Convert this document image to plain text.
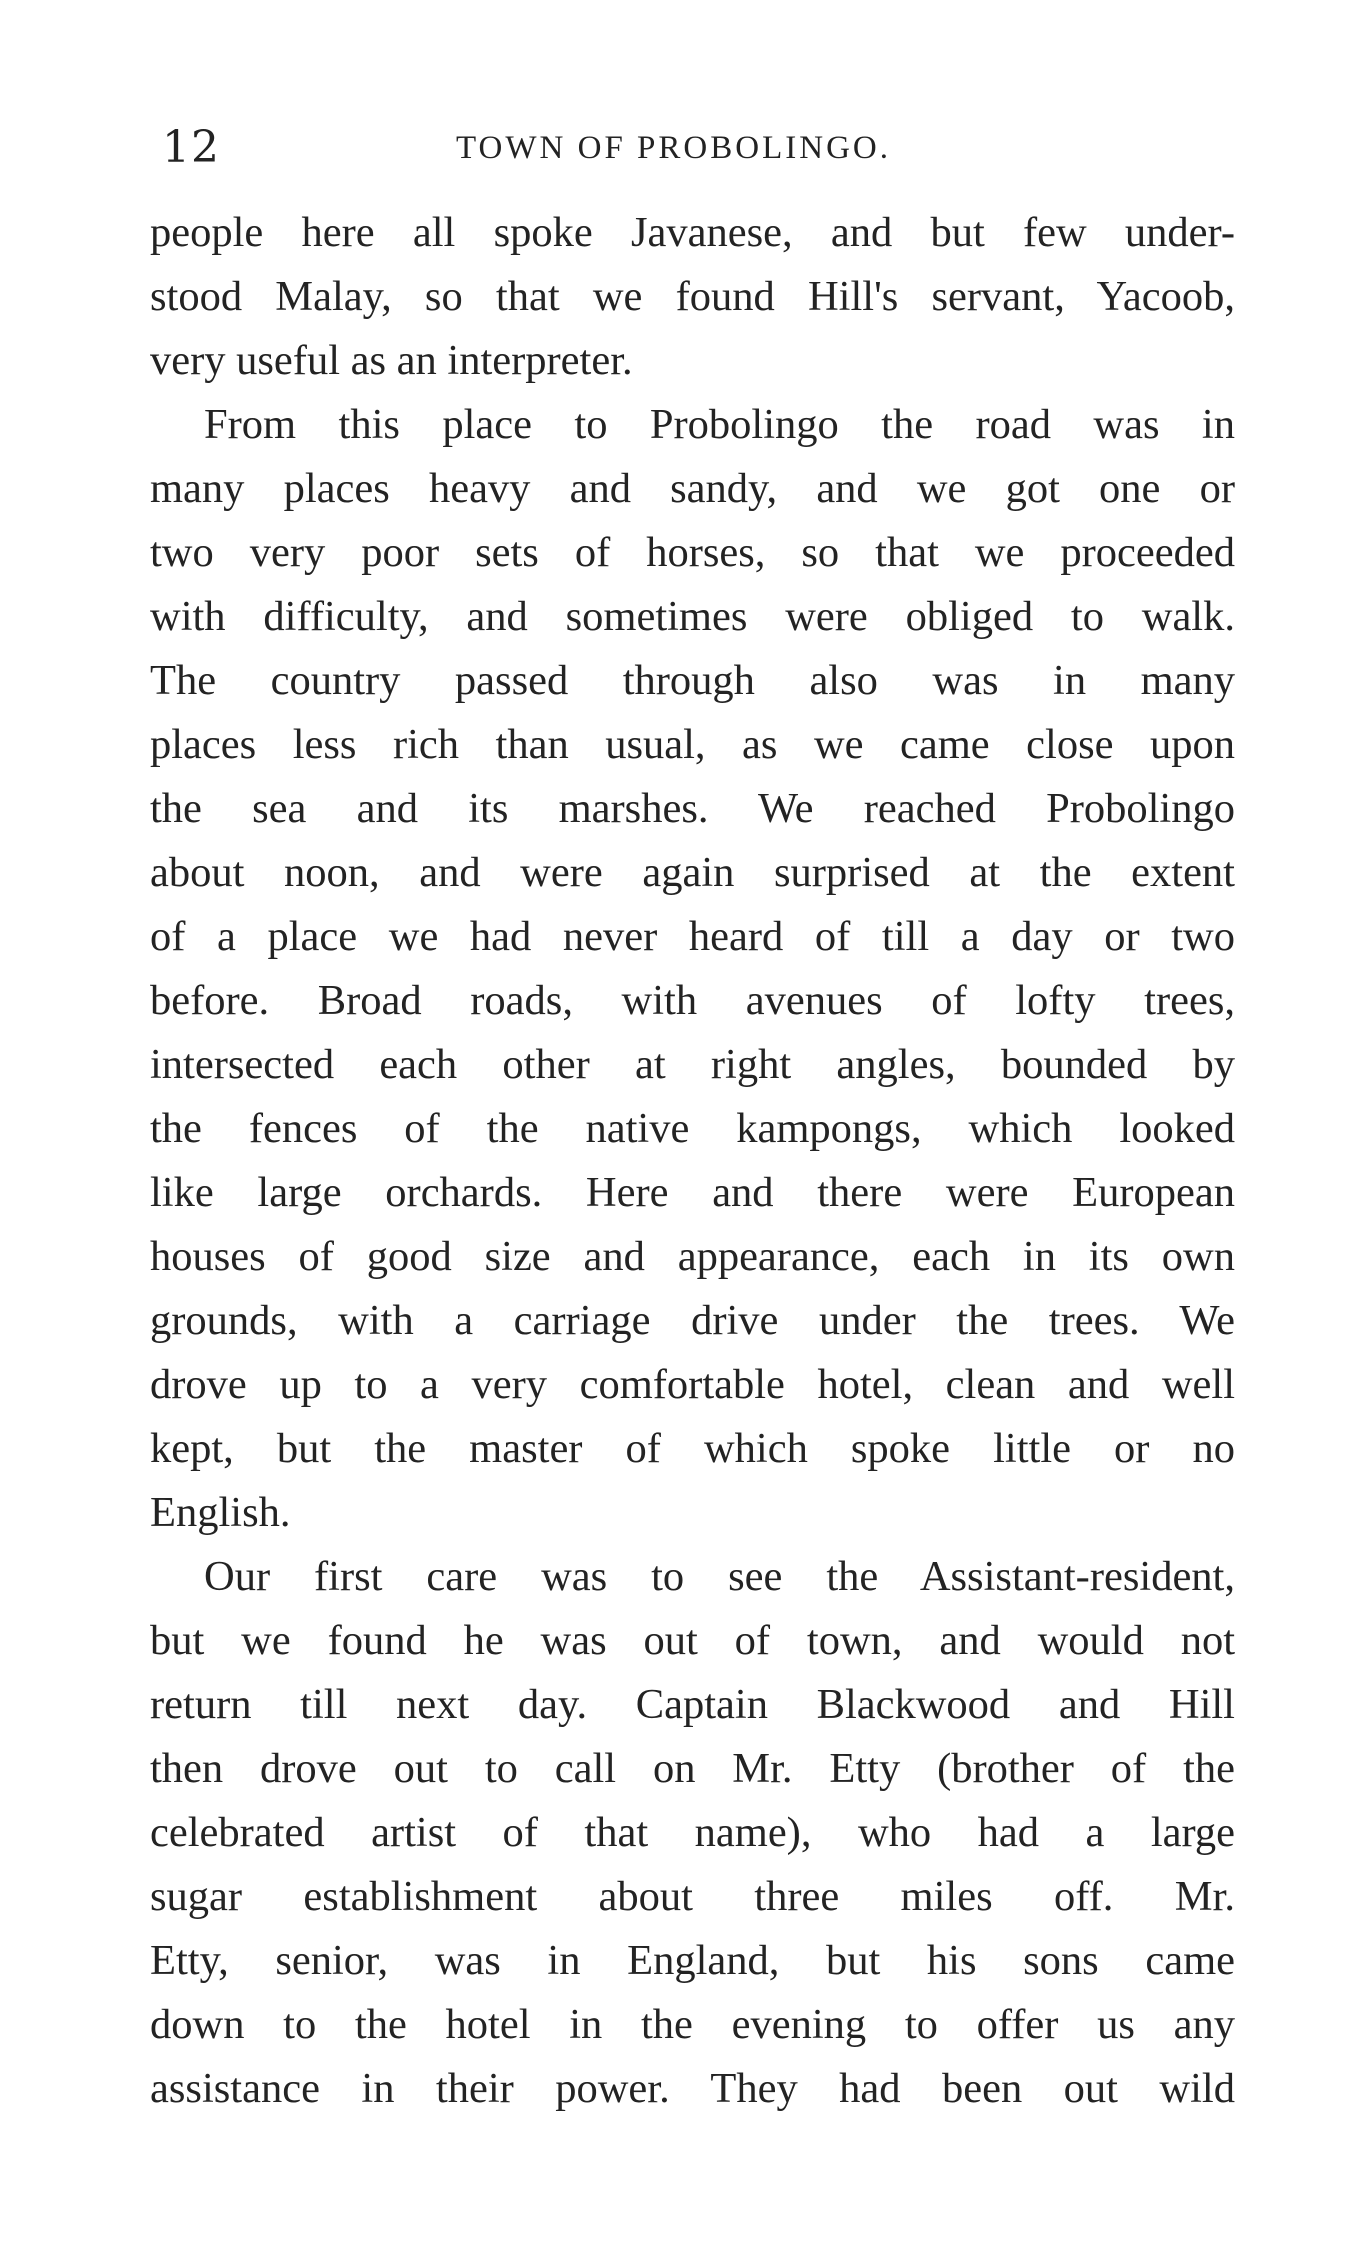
12	TOWN OF PROBOLINGO.
people here all spoke Javanese, and but few under-
stood Malay, so that we found Hill's servant, Yacoob,
very useful as an interpreter.
From this place to Probolingo the road was in
many places heavy and sandy, and we got one or
two very poor sets of horses, so that we proceeded
with difficulty, and sometimes were obliged to walk.
The country passed through also was in many
places less rich than usual, as we came close upon
the sea and its marshes. We reached Probolingo
about noon, and were again surprised at the extent
of a place we had never heard of till a day or two
before. Broad roads, with avenues of lofty trees,
intersected each other at right angles, bounded by
the fences of the native kampongs, which looked
like large orchards. Here and there were European
houses of good size and appearance, each in its own
grounds, with a carriage drive under the trees. We
drove up to a very comfortable hotel, clean and well
kept, but the master of which spoke little or no
English.
Our first care was to see the Assistant-resident,
but we found he was out of town, and would not
return till next day. Captain Blackwood and Hill
then drove out to call on Mr. Etty (brother of the
celebrated artist of that name), who had a large
sugar establishment about three miles off. Mr.
Etty, senior, was in England, but his sons came
down to the hotel in the evening to offer us any
assistance in their power. They had been out wild
